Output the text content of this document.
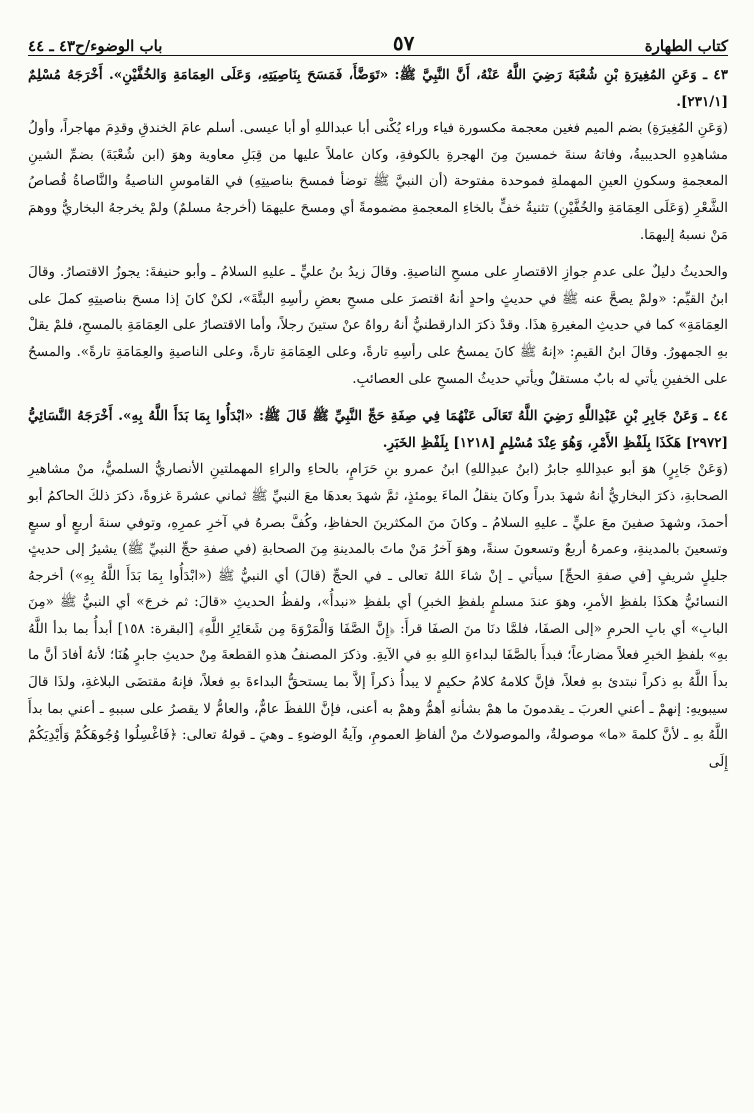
كتاب الطهارة
٥٧
باب الوضوء/ح٤٣ ـ ٤٤

٤٣ ـ وَعَنِ المُغِيرَةِ بْنِ شُعْبَةَ رَضِيَ اللَّهُ عَنْهُ، أَنَّ النَّبِيَّ ﷺ: «تَوَضَّأَ، فَمَسَحَ بِنَاصِيَتِهِ، وَعَلَى العِمَامَةِ وَالخُفَّيْنِ». أَخْرَجَهُ مُسْلِمٌ [٢٣١/١].

(وَعَنِ المُغِيرَةِ) بضم الميم فغين معجمة مكسورة فياء وراء يُكْنى أبا عبداللهِ أو أبا عيسى. أسلم عامَ الخندقِ وقدِمَ مهاجراً، وأولُ مشاهدِهِ الحديبيةُ، وفاتهُ سنةَ خمسينَ مِنَ الهجرةِ بالكوفةِ، وكان عاملاً عليها من قِبَلِ معاوية وهوَ (ابن شُعْبَةَ) بضمِّ الشينِ المعجمةِ وسكونِ العينِ المهملةِ فموحدة مفتوحة (أن النبيَّ ﷺ توضأ فمسحَ بناصيتِهِ) في القاموسِ الناصيةُ والنَّاصاةُ قُصاصُ الشَّعْرِ (وَعَلَى العِمَامَةِ والخُفَّيْنِ) تثنيةُ خفٍّ بالخاءِ المعجمةِ مضمومةً أي ومسحَ عليهمَا (أخرجهُ مسلمٌ) ولمْ يخرجهُ البخاريُّ ووهمَ مَنْ نسبهُ إليهمَا.

والحديثُ دليلٌ على عدمِ جوازِ الاقتصارِ على مسحِ الناصيةِ. وقالَ زيدُ بنُ عليٍّ ـ عليهِ السلامُ ـ وأبو حنيفةَ: يجوزُ الاقتصارُ. وقالَ ابنُ القيِّم: «ولمْ يصحَّ عنه ﷺ في حديثٍ واحدٍ أنهُ اقتصرَ على مسحِ بعضِ رأسِهِ البتَّةَ»، لكنْ كانَ إذا مسحَ بناصيتِهِ كملَ على العِمَامَةِ» كما في حديثِ المغيرةِ هذَا. وقدْ ذكرَ الدارقطنيُّ أنهُ رواهُ عنْ ستينَ رجلاً، وأما الاقتصارُ على العِمَامَةِ بالمسحِ، فلمْ يقلْ بهِ الجمهورُ. وقالَ ابنُ القيمِ: «إنهُ ﷺ كانَ يمسحُ على رأسِهِ تارةً، وعلى العِمَامَةِ تارةً، وعلى الناصيةِ والعِمَامَةِ تارةً». والمسحُ على الخفينِ يأتي له بابٌ مستقلٌ ويأتي حديثُ المسحِ على العصائبِ.

٤٤ ـ وَعَنْ جَابِرِ بْنِ عَبْدِاللَّهِ رَضِيَ اللَّهُ تَعَالَى عَنْهُمَا فِي صِفَةِ حَجِّ النَّبِيِّ ﷺ قَالَ ﷺ: «ابْدَأُوا بِمَا بَدَأَ اللَّهُ بِهِ». أَخْرَجَهُ النَّسَائِيُّ [٢٩٧٢] هَكَذَا بِلَفْظِ الأَمْرِ، وَهُوَ عِنْدَ مُسْلِمٍ [١٢١٨] بِلَفْظِ الخَبَرِ.

(وَعَنْ جَابِرٍ) هوَ أبو عبدِاللهِ جابرُ (ابنُ عبدِاللهِ) ابنُ عمرو بنِ حَرَامٍ، بالحاءِ والراءِ المهملتينِ الأنصاريُّ السلميُّ، منْ مشاهيرِ الصحابةِ، ذكرَ البخاريُّ أنهُ شهدَ بدراً وكانَ ينقلُ الماءَ يومئذٍ، ثمَّ شهدَ بعدهَا معَ النبيِّ ﷺ ثماني عشرةَ غزوةً، ذكرَ ذلكَ الحاكمُ أبو أحمدَ، وشهدَ صفينَ معَ عليٍّ ـ عليهِ السلامُ ـ وكانَ منَ المكثرينَ الحفاظِ، وكُفَّ بصرهُ في آخرِ عمرِهِ، وتوفي سنةَ أربعٍ أو سبعٍ وتسعينَ بالمدينةِ، وعمرهُ أربعٌ وتسعونَ سنةً، وهوَ آخرُ مَنْ ماتَ بالمدينةِ مِنَ الصحابةِ (في صفةِ حجِّ النبيِّ ﷺ) يشيرُ إلى حديثٍ جليلٍ شريفٍ [في صفةِ الحجِّ] سيأتي ـ إنْ شاءَ اللهُ تعالى ـ في الحجِّ (قالَ) أي النبيُّ ﷺ («ابْدَأُوا بِمَا بَدَأَ اللَّهُ بِهِ») أخرجهُ النسائيُّ هكذَا بلفظِ الأمرِ، وهوَ عندَ مسلمٍ بلفظِ الخبرِ) أي بلفظِ «نبدأُ»، ولفظُ الحديثِ «قالَ: ثم خرجَ» أي النبيُّ ﷺ «مِنَ البابِ» أي بابِ الحرمِ «إلى الصفَا، فلمَّا دنَا منَ الصفَا قرأَ: ﴿إِنَّ الصَّفَا وَالْمَرْوَةَ مِن شَعَائِرِ اللَّهِ﴾ [البقرة: ١٥٨] أبدأُ بما بدأ اللَّهُ بهِ» بلفظِ الخبرِ فعلاً مضارعاً؛ فبدأَ بالصَّفَا لبداءةِ اللهِ بهِ في الآيةِ. وذكرَ المصنفُ هذهِ القطعةَ مِنْ حديثِ جابرٍ هُنَا؛ لأنهُ أفادَ أنَّ ما بدأَ اللَّهُ بهِ ذكراً نبتدئ بهِ فعلاً، فإنَّ كلامهُ كلامُ حكيمٍ لا يبدأُ ذكراً إلاَّ بما يستحقُّ البداءةَ بهِ فعلاً، فإنهُ مقتضَى البلاغةِ، ولذَا قالَ سيبويهِ: إنهمْ ـ أعني العربَ ـ يقدمونَ ما همْ بشأنهِ أهمُّ وهمْ به أعنى، فإنَّ اللفظَ عامٌّ، والعامُّ لا يقصرُ على سببهِ ـ أعني بما بدأَ اللَّهُ بهِ ـ لأنَّ كلمةَ «ما» موصولةٌ، والموصولاتُ منْ ألفاظِ العمومِ، وآيةُ الوضوءِ ـ وهيَ ـ قولهُ تعالى: ﴿فَاغْسِلُوا وُجُوهَكُمْ وَأَيْدِيَكُمْ إِلَى
